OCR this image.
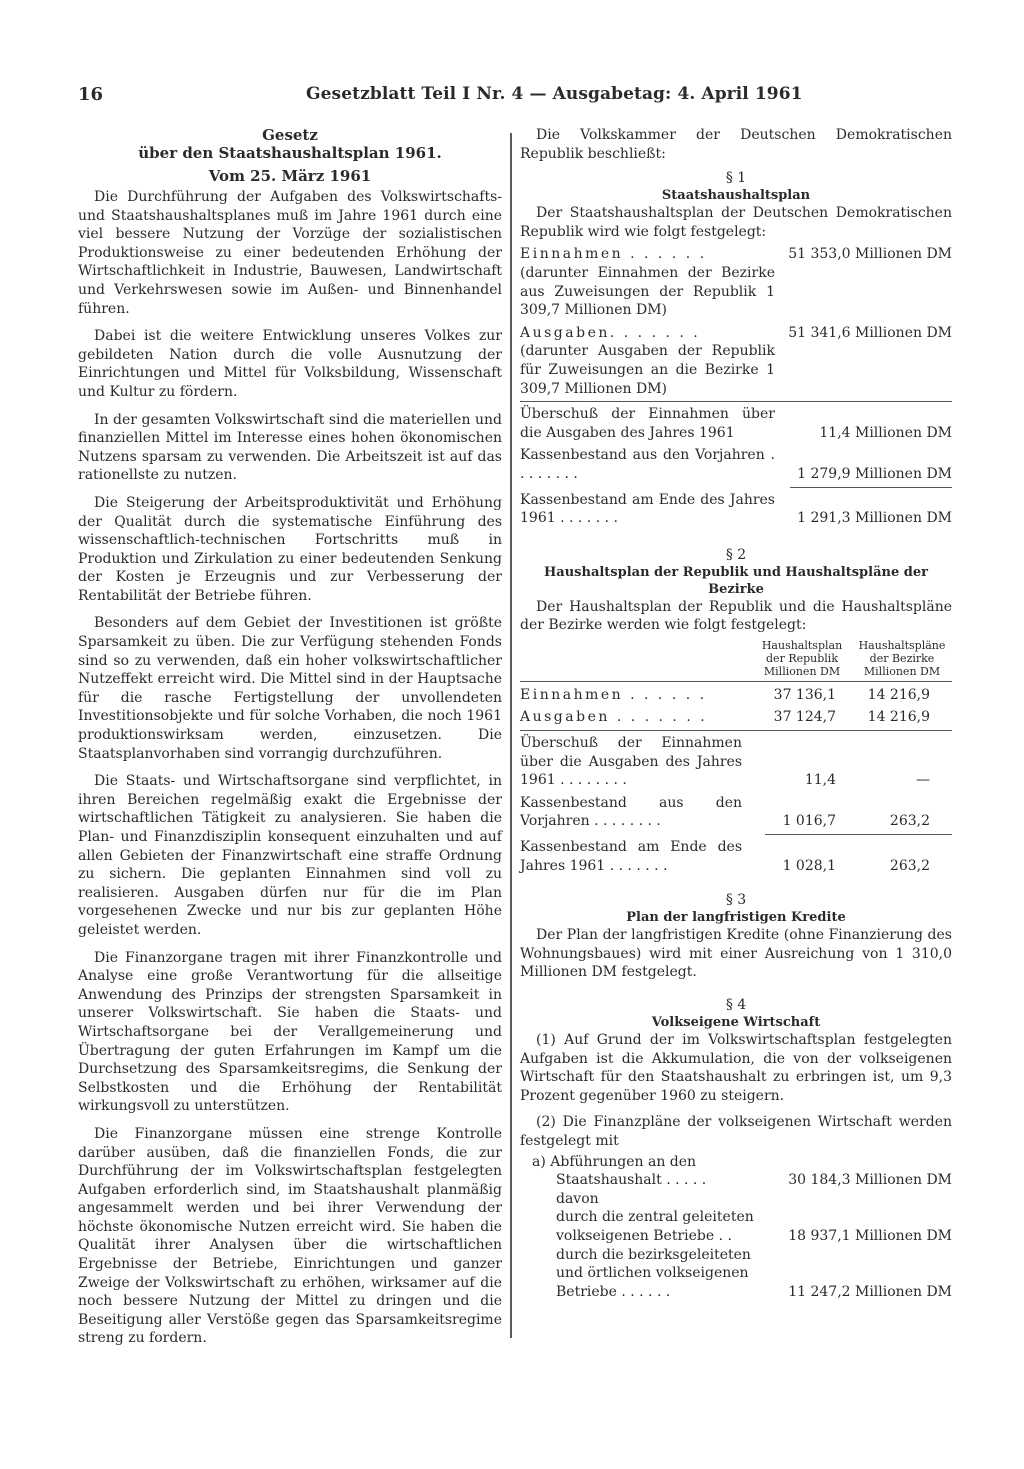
16	Gesetzblatt Teil I Nr. 4 — Ausgabetag: 4. April 1961
Gesetz
über den Staatshaushaltsplan 1961.
Vom 25. März 1961

Die Durchführung der Aufgaben des Volkswirtschafts- und Staatshaushaltsplanes muß im Jahre 1961 durch eine viel bessere Nutzung der Vorzüge der sozialistischen Produktionsweise zu einer bedeutenden Erhöhung der Wirtschaftlichkeit in Industrie, Bauwesen, Landwirtschaft und Verkehrswesen sowie im Außen- und Binnenhandel führen.

Dabei ist die weitere Entwicklung unseres Volkes zur gebildeten Nation durch die volle Ausnutzung der Einrichtungen und Mittel für Volksbildung, Wissenschaft und Kultur zu fördern.

In der gesamten Volkswirtschaft sind die materiellen und finanziellen Mittel im Interesse eines hohen ökonomischen Nutzens sparsam zu verwenden. Die Arbeitszeit ist auf das rationellste zu nutzen.

Die Steigerung der Arbeitsproduktivität und Erhöhung der Qualität durch die systematische Einführung des wissenschaftlich-technischen Fortschritts muß in Produktion und Zirkulation zu einer bedeutenden Senkung der Kosten je Erzeugnis und zur Verbesserung der Rentabilität der Betriebe führen.

Besonders auf dem Gebiet der Investitionen ist größte Sparsamkeit zu üben. Die zur Verfügung stehenden Fonds sind so zu verwenden, daß ein hoher volkswirtschaftlicher Nutzeffekt erreicht wird. Die Mittel sind in der Hauptsache für die rasche Fertigstellung der unvollendeten Investitionsobjekte und für solche Vorhaben, die noch 1961 produktionswirksam werden, einzusetzen. Die Staatsplanvorhaben sind vorrangig durchzuführen.

Die Staats- und Wirtschaftsorgane sind verpflichtet, in ihren Bereichen regelmäßig exakt die Ergebnisse der wirtschaftlichen Tätigkeit zu analysieren. Sie haben die Plan- und Finanzdisziplin konsequent einzuhalten und auf allen Gebieten der Finanzwirtschaft eine straffe Ordnung zu sichern. Die geplanten Einnahmen sind voll zu realisieren. Ausgaben dürfen nur für die im Plan vorgesehenen Zwecke und nur bis zur geplanten Höhe geleistet werden.

Die Finanzorgane tragen mit ihrer Finanzkontrolle und Analyse eine große Verantwortung für die allseitige Anwendung des Prinzips der strengsten Sparsamkeit in unserer Volkswirtschaft. Sie haben die Staats- und Wirtschaftsorgane bei der Verallgemeinerung und Übertragung der guten Erfahrungen im Kampf um die Durchsetzung des Sparsamkeitsregims, die Senkung der Selbstkosten und die Erhöhung der Rentabilität wirkungsvoll zu unterstützen.

Die Finanzorgane müssen eine strenge Kontrolle darüber ausüben, daß die finanziellen Fonds, die zur Durchführung der im Volkswirtschaftsplan festgelegten Aufgaben erforderlich sind, im Staatshaushalt planmäßig angesammelt werden und bei ihrer Verwendung der höchste ökonomische Nutzen erreicht wird. Sie haben die Qualität ihrer Analysen über die wirtschaftlichen Ergebnisse der Betriebe, Einrichtungen und ganzer Zweige der Volkswirtschaft zu erhöhen, wirksamer auf die noch bessere Nutzung der Mittel zu dringen und die Beseitigung aller Verstöße gegen das Sparsamkeitsregime streng zu fordern.

Die Volkskammer der Deutschen Demokratischen Republik beschließt:

§ 1
Staatshaushaltsplan

Der Staatshaushaltsplan der Deutschen Demokratischen Republik wird wie folgt festgelegt:

Einnahmen . . . . . .	51 353,0 Millionen DM
(darunter Einnahmen der Bezirke aus Zuweisungen der Republik 1 309,7 Millionen DM)
Ausgaben. . . . . . .	51 341,6 Millionen DM
(darunter Ausgaben der Republik für Zuweisungen an die Bezirke 1 309,7 Millionen DM)
Überschuß der Einnahmen über die Ausgaben des Jahres 1961	11,4 Millionen DM
Kassenbestand aus den Vorjahren . . . . . . . .	1 279,9 Millionen DM
Kassenbestand am Ende des Jahres 1961 . . . . . . .	1 291,3 Millionen DM
§ 2
Haushaltsplan der Republik und Haushaltspläne der Bezirke

Der Haushaltsplan der Republik und die Haushaltspläne der Bezirke werden wie folgt festgelegt:

Haushaltsplan der Republik Millionen DM
Haushaltspläne der Bezirke Millionen DM
Einnahmen . . . . . .	37 136,1	14 216,9
Ausgaben . . . . . . .	37 124,7	14 216,9
Überschuß der Einnahmen über die Ausgaben des Jahres 1961 . . . . . . . .	11,4	—
Kassenbestand aus den Vorjahren . . . . . . . .	1 016,7	263,2
Kassenbestand am Ende des Jahres 1961 . . . . . . .	1 028,1	263,2
§ 3
Plan der langfristigen Kredite

Der Plan der langfristigen Kredite (ohne Finanzierung des Wohnungsbaues) wird mit einer Ausreichung von 1 310,0 Millionen DM festgelegt.

§ 4
Volkseigene Wirtschaft

(1) Auf Grund der im Volkswirtschaftsplan festgelegten Aufgaben ist die Akkumulation, die von der volkseigenen Wirtschaft für den Staatshaushalt zu erbringen ist, um 9,3 Prozent gegenüber 1960 zu steigern.

(2) Die Finanzpläne der volkseigenen Wirtschaft werden festgelegt mit

a) Abführungen an den
Staatshaushalt . . . . .	30 184,3 Millionen DM
davon
durch die zentral geleiteten
volkseigenen Betriebe . .	18 937,1 Millionen DM
durch die bezirksgeleiteten
und örtlichen volkseigenen
Betriebe . . . . . .	11 247,2 Millionen DM
